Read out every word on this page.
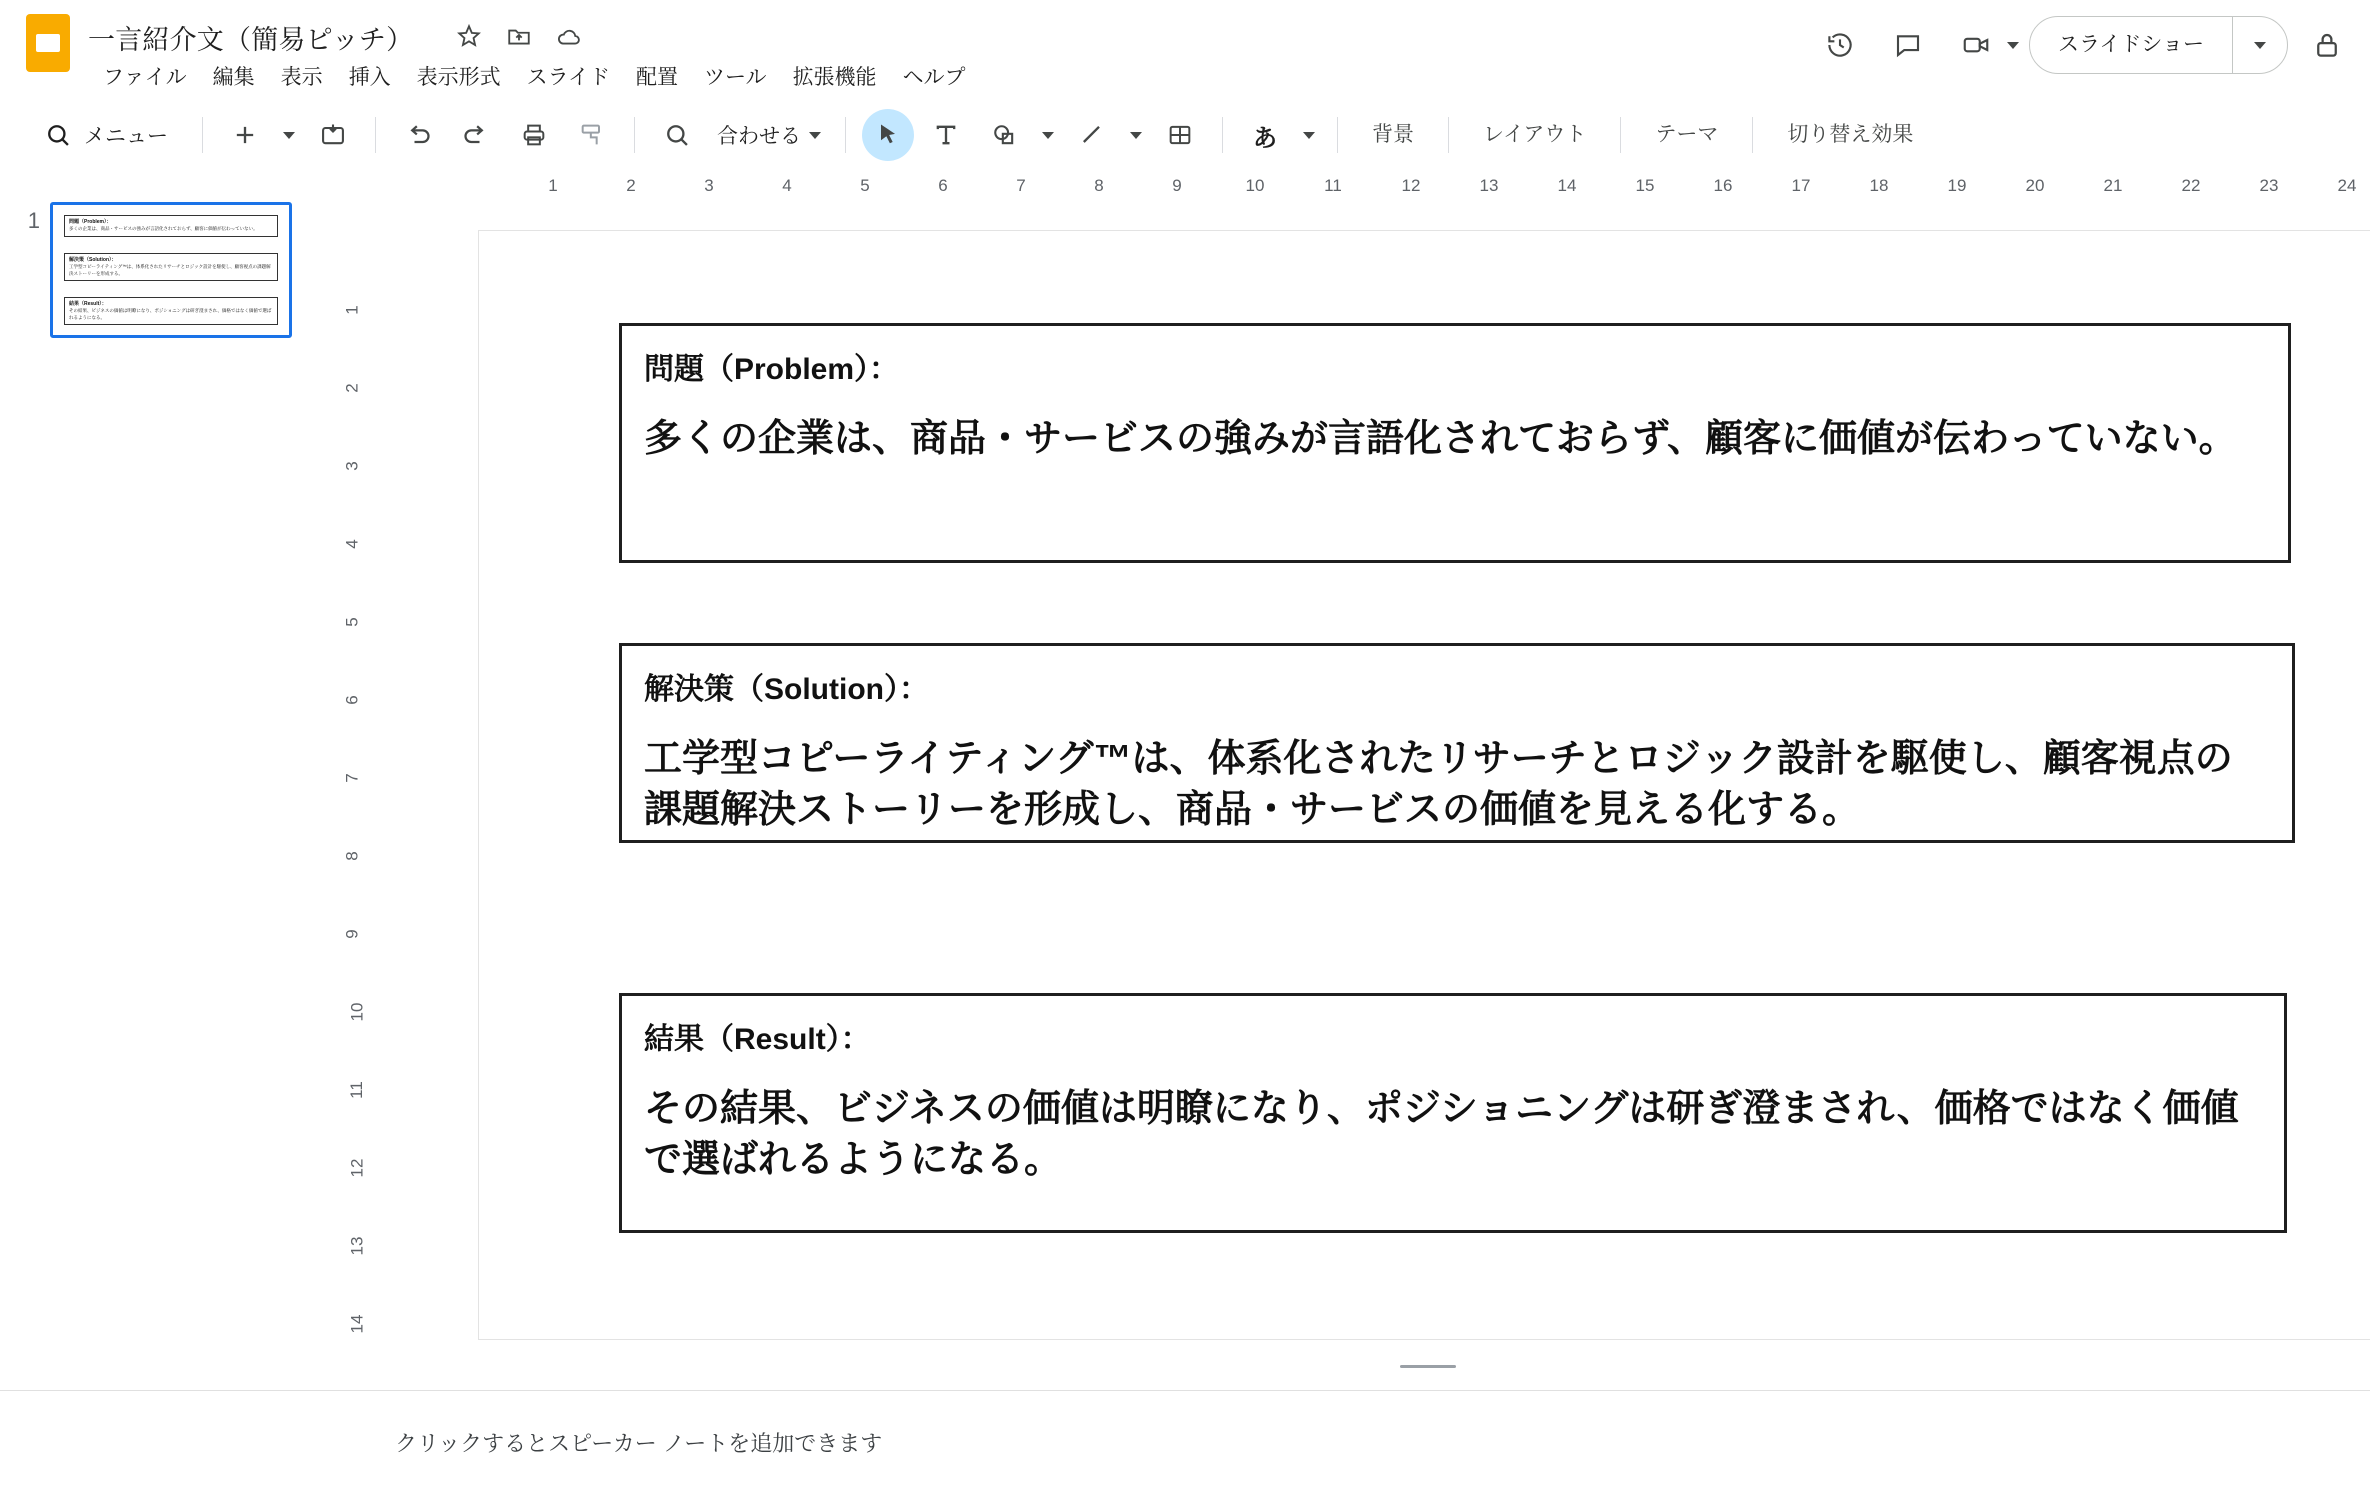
一言紹介文（簡易ピッチ）
ファイル	編集	表示	挿入	表示形式	スライド	配置	ツール	拡張機能	ヘルプ
スライドショー
メニュー	合わせる	あ	背景	レイアウト	テーマ	切り替え効果
1	2	3	4	5	6	7	8	9	10	11	12	13	14	15	16	17	18	19	20	21	22	23	24
1
2
3
4
5
6
7
8
9
10
11
12
13
14
1	問題（Problem）：
多くの企業は、商品・サービスの強みが言語化されておらず、顧客に価値が伝わっていない。
解決策（Solution）：
工学型コピーライティング™は、体系化されたリサーチとロジック設計を駆使し、顧客視点の課題解決ストーリーを形成する。
結果（Result）：
その結果、ビジネスの価値は明瞭になり、ポジショニングは研ぎ澄まされ、価格ではなく価値で選ばれるようになる。
問題（Problem）：
多くの企業は、商品・サービスの強みが言語化されておらず、顧客に価値が伝わっていない。
解決策（Solution）：
工学型コピーライティング™は、体系化されたリサーチとロジック設計を駆使し、顧客視点の課題解決ストーリーを形成し、商品・サービスの価値を見える化する。
結果（Result）：
その結果、ビジネスの価値は明瞭になり、ポジショニングは研ぎ澄まされ、価格ではなく価値で選ばれるようになる。
クリックするとスピーカー ノートを追加できます
